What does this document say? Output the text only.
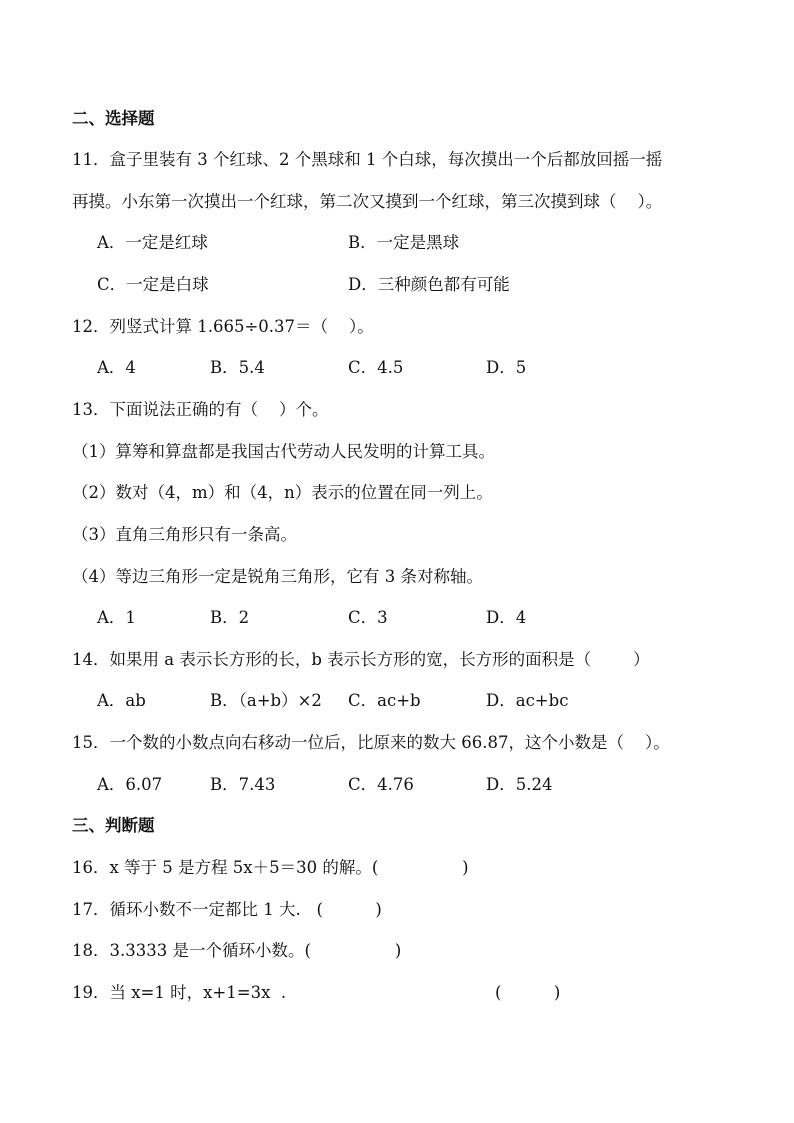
二、选择题
11．盒子里装有 3 个红球、2 个黑球和 1 个白球，每次摸出一个后都放回摇一摇
再摸。小东第一次摸出一个红球，第二次又摸到一个红球，第三次摸到球（    ）。
A．一定是红球	B．一定是黑球
C．一定是白球	D．三种颜色都有可能
12．列竖式计算 1.665÷0.37＝（    ）。
A．4	B．5.4	C．4.5	D．5
13．下面说法正确的有（    ）个。
（1）算筹和算盘都是我国古代劳动人民发明的计算工具。
（2）数对（4，m）和（4，n）表示的位置在同一列上。
（3）直角三角形只有一条高。
（4）等边三角形一定是锐角三角形，它有 3 条对称轴。
A．1	B．2	C．3	D．4
14．如果用 a 表示长方形的长，b 表示长方形的宽，长方形的面积是（        ）
A．ab	B．（a+b）×2 C．ac+b	D．ac+bc
15．一个数的小数点向右移动一位后，比原来的数大 66.87，这个小数是（    ）。
A．6.07	B．7.43	C．4.76	D．5.24
三、判断题
16．x 等于 5 是方程 5x＋5＝30 的解。(                )
17．循环小数不一定都比 1 大.   (          )
18．3.3333 是一个循环小数。(                )
19．当 x=1 时，x+1=3x  .	(          )
